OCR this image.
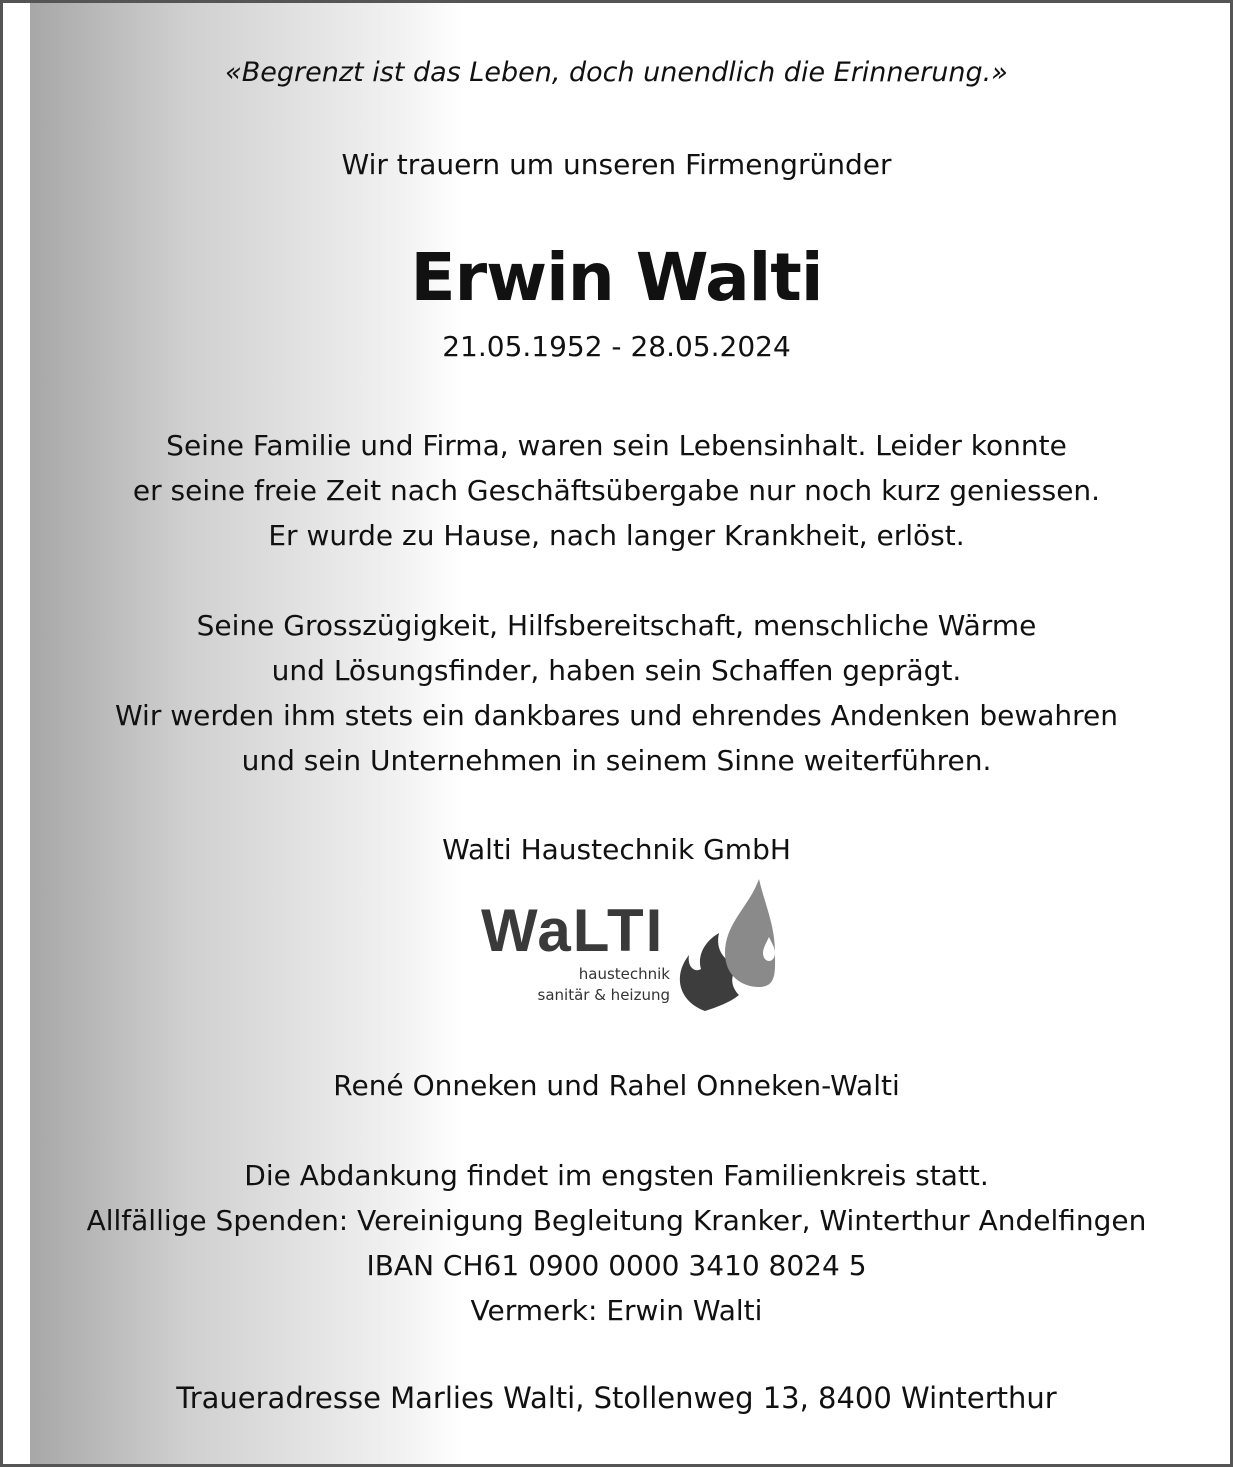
«Begrenzt ist das Leben, doch unendlich die Erinnerung.»
Wir trauern um unseren Firmengründer
Erwin Walti
21.05.1952 - 28.05.2024
Seine Familie und Firma, waren sein Lebensinhalt. Leider konnte
er seine freie Zeit nach Geschäftsübergabe nur noch kurz geniessen.
Er wurde zu Hause, nach langer Krankheit, erlöst.
Seine Grosszügigkeit, Hilfsbereitschaft, menschliche Wärme
und Lösungsfinder, haben sein Schaffen geprägt.
Wir werden ihm stets ein dankbares und ehrendes Andenken bewahren
und sein Unternehmen in seinem Sinne weiterführen.
Walti Haustechnik GmbH
WaLTI
haustechnik
sanitär & heizung
René Onneken und Rahel Onneken-Walti
Die Abdankung findet im engsten Familienkreis statt.
Allfällige Spenden: Vereinigung Begleitung Kranker, Winterthur Andelfingen
IBAN CH61 0900 0000 3410 8024 5
Vermerk: Erwin Walti
Traueradresse Marlies Walti, Stollenweg 13, 8400 Winterthur
